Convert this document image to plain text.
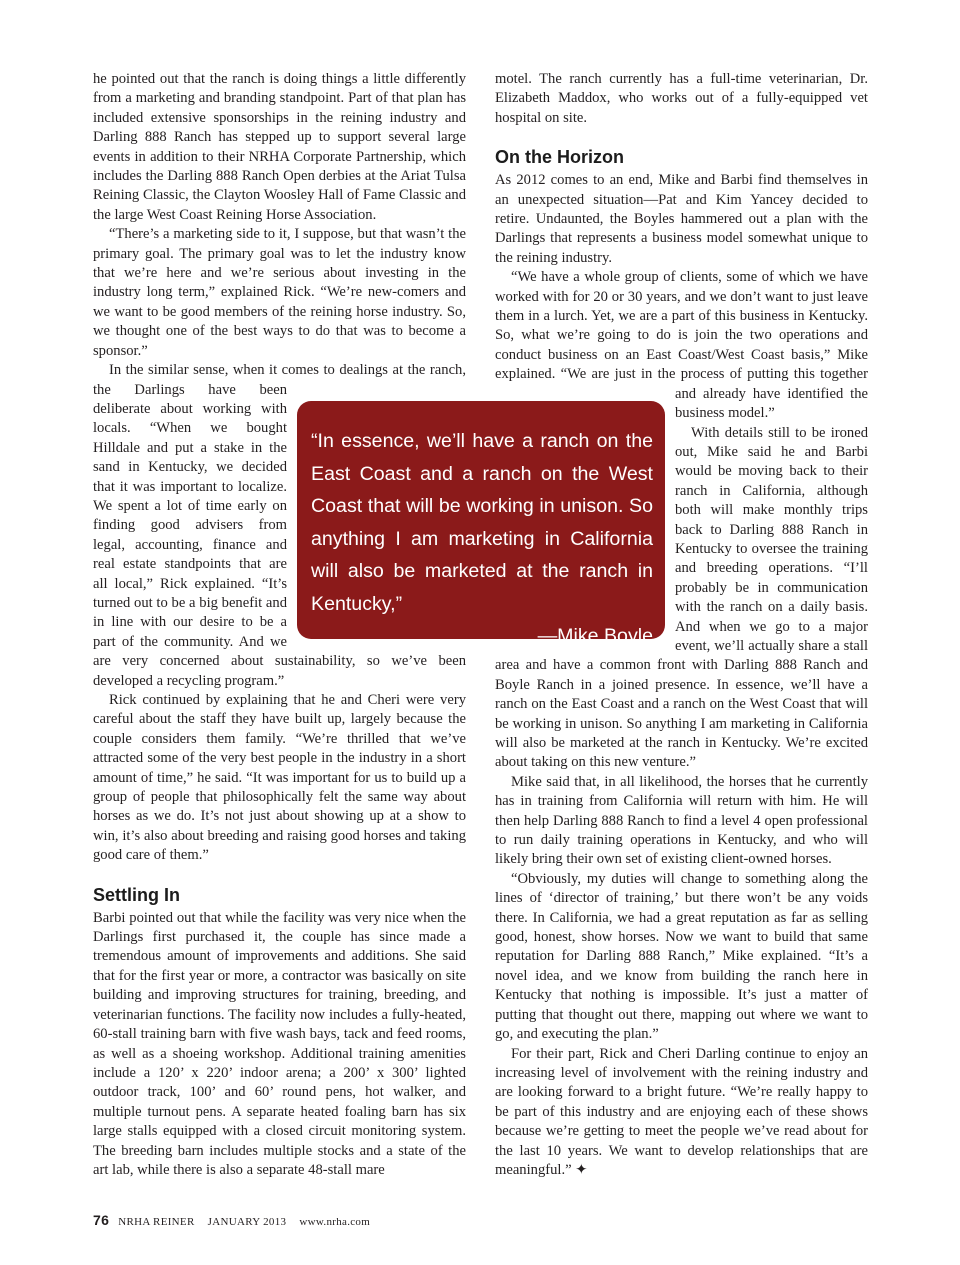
he pointed out that the ranch is doing things a little differently from a marketing and branding standpoint. Part of that plan has included extensive sponsorships in the reining industry and Darling 888 Ranch has stepped up to support several large events in addition to their NRHA Corporate Partnership, which includes the Darling 888 Ranch Open derbies at the Ariat Tulsa Reining Classic, the Clayton Woosley Hall of Fame Classic and the large West Coast Reining Horse Association.

“There’s a marketing side to it, I suppose, but that wasn’t the primary goal. The primary goal was to let the industry know that we’re here and we’re serious about investing in the industry long term,” explained Rick. “We’re new-comers and we want to be good members of the reining horse industry. So, we thought one of the best ways to do that was to become a sponsor.”

In the similar sense, when it comes to dealings at the ranch, the Darlings have been deliberate about working with locals. “When we bought Hilldale and put a stake in the sand in Kentucky, we decided that it was important to localize. We spent a lot of time early on finding good advisers from legal, accounting, finance and real estate standpoints that are all local,” Rick explained. “It’s turned out to be a big benefit and in line with our desire to be a part of the community. And we are very concerned about sustainability, so we’ve been developed a recycling program.”

Rick continued by explaining that he and Cheri were very careful about the staff they have built up, largely because the couple considers them family. “We’re thrilled that we’ve attracted some of the very best people in the industry in a short amount of time,” he said. “It was important for us to build up a group of people that philosophically felt the same way about horses as we do. It’s not just about showing up at a show to win, it’s also about breeding and raising good horses and taking good care of them.”

Settling In

Barbi pointed out that while the facility was very nice when the Darlings first purchased it, the couple has since made a tremendous amount of improvements and additions. She said that for the first year or more, a contractor was basically on site building and improving structures for training, breeding, and veterinarian functions. The facility now includes a fully-heated, 60-stall training barn with five wash bays, tack and feed rooms, as well as a shoeing workshop. Additional training amenities include a 120’ x 220’ indoor arena; a 200’ x 300’ lighted outdoor track, 100’ and 60’ round pens, hot walker, and multiple turnout pens. A separate heated foaling barn has six large stalls equipped with a closed circuit monitoring system. The breeding barn includes multiple stocks and a state of the art lab, while there is also a separate 48-stall mare

motel. The ranch currently has a full-time veterinarian, Dr. Elizabeth Maddox, who works out of a fully-equipped vet hospital on site.

On the Horizon

As 2012 comes to an end, Mike and Barbi find themselves in an unexpected situation—Pat and Kim Yancey decided to retire. Undaunted, the Boyles hammered out a plan with the Darlings that represents a business model somewhat unique to the reining industry.

“We have a whole group of clients, some of which we have worked with for 20 or 30 years, and we don’t want to just leave them in a lurch. Yet, we are a part of this business in Kentucky. So, what we’re going to do is join the two operations and conduct business on an East Coast/West Coast basis,” Mike explained. “We are just in the process of putting this together and already have identified the business model.”

With details still to be ironed out, Mike said he and Barbi would be moving back to their ranch in California, although both will make monthly trips back to Darling 888 Ranch in Kentucky to oversee the training and breeding operations. “I’ll probably be in communication with the ranch on a daily basis. And when we go to a major event, we’ll actually share a stall area and have a common front with Darling 888 Ranch and Boyle Ranch in a joined presence. In essence, we’ll have a ranch on the East Coast and a ranch on the West Coast that will be working in unison. So anything I am marketing in California will also be marketed at the ranch in Kentucky. We’re excited about taking on this new venture.”

Mike said that, in all likelihood, the horses that he currently has in training from California will return with him. He will then help Darling 888 Ranch to find a level 4 open professional to run daily training operations in Kentucky, and who will likely bring their own set of existing client-owned horses.

“Obviously, my duties will change to something along the lines of ‘director of training,’ but there won’t be any voids there. In California, we had a great reputation as far as selling good, honest, show horses. Now we want to build that same reputation for Darling 888 Ranch,” Mike explained. “It’s a novel idea, and we know from building the ranch here in Kentucky that nothing is impossible. It’s just a matter of putting that thought out there, mapping out where we want to go, and executing the plan.”

For their part, Rick and Cheri Darling continue to enjoy an increasing level of involvement with the reining industry and are looking forward to a bright future. “We’re really happy to be part of this industry and are enjoying each of these shows because we’re getting to meet the people we’ve read about for the last 10 years. We want to develop relationships that are meaningful.” ✦

“In essence, we’ll have a ranch on the East Coast and a ranch on the West Coast that will be working in unison. So anything I am marketing in California will also be marketed at the ranch in Kentucky,”
—Mike Boyle
76 NRHA REINER JANUARY 2013 www.nrha.com
